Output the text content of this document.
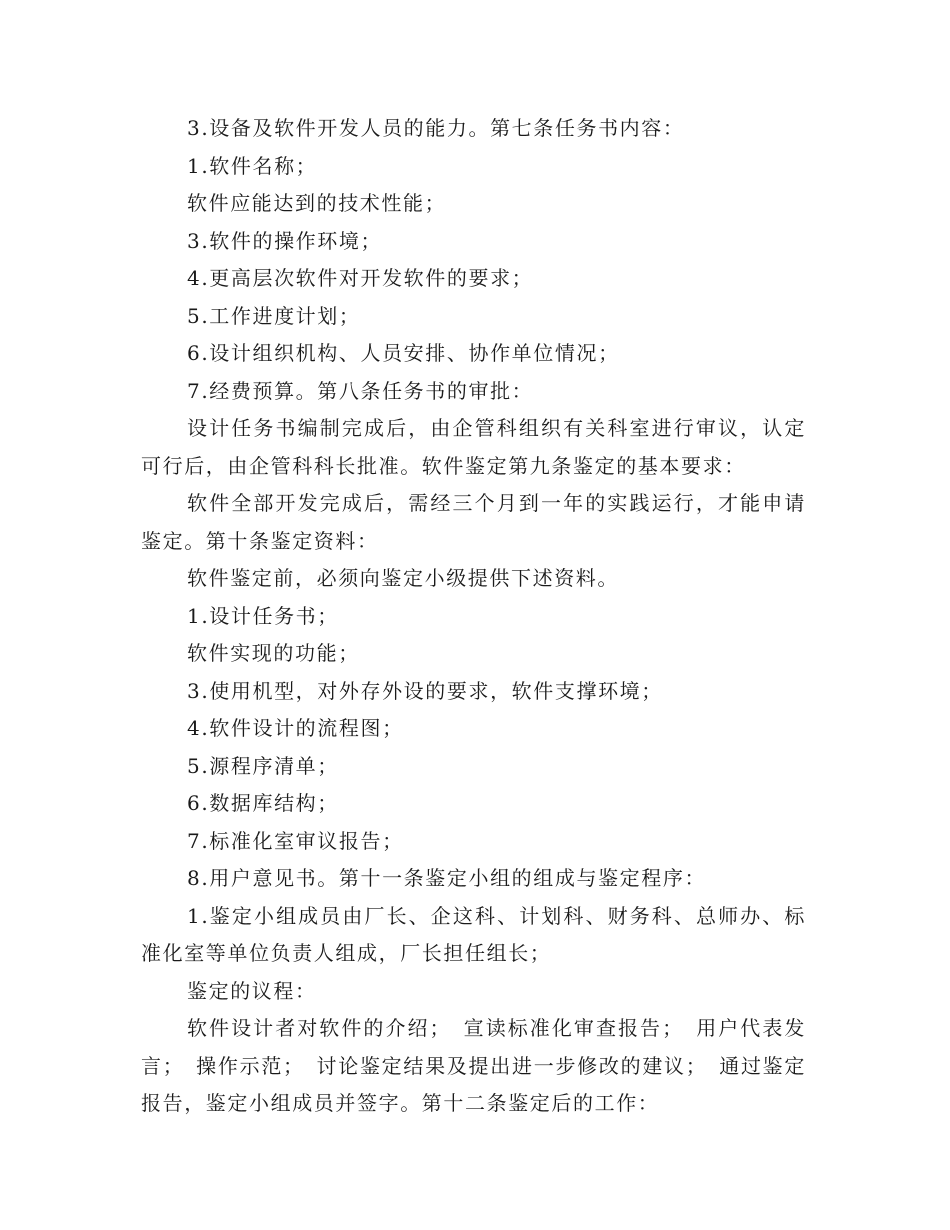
3.设备及软件开发人员的能力。第七条任务书内容：

1.软件名称；

软件应能达到的技术性能；

3.软件的操作环境；

4.更高层次软件对开发软件的要求；

5.工作进度计划；

6.设计组织机构、人员安排、协作单位情况；

7.经费预算。第八条任务书的审批：

设计任务书编制完成后，由企管科组织有关科室进行审议，认定可行后，由企管科科长批准。软件鉴定第九条鉴定的基本要求：

软件全部开发完成后，需经三个月到一年的实践运行，才能申请鉴定。第十条鉴定资料：

软件鉴定前，必须向鉴定小级提供下述资料。

1.设计任务书；

软件实现的功能；

3.使用机型，对外存外设的要求，软件支撑环境；

4.软件设计的流程图；

5.源程序清单；

6.数据库结构；

7.标准化室审议报告；

8.用户意见书。第十一条鉴定小组的组成与鉴定程序：

1.鉴定小组成员由厂长、企这科、计划科、财务科、总师办、标准化室等单位负责人组成，厂长担任组长；

鉴定的议程：

软件设计者对软件的介绍；　宣读标准化审查报告；　用户代表发言；　操作示范；　讨论鉴定结果及提出进一步修改的建议；　通过鉴定报告，鉴定小组成员并签字。第十二条鉴定后的工作：
